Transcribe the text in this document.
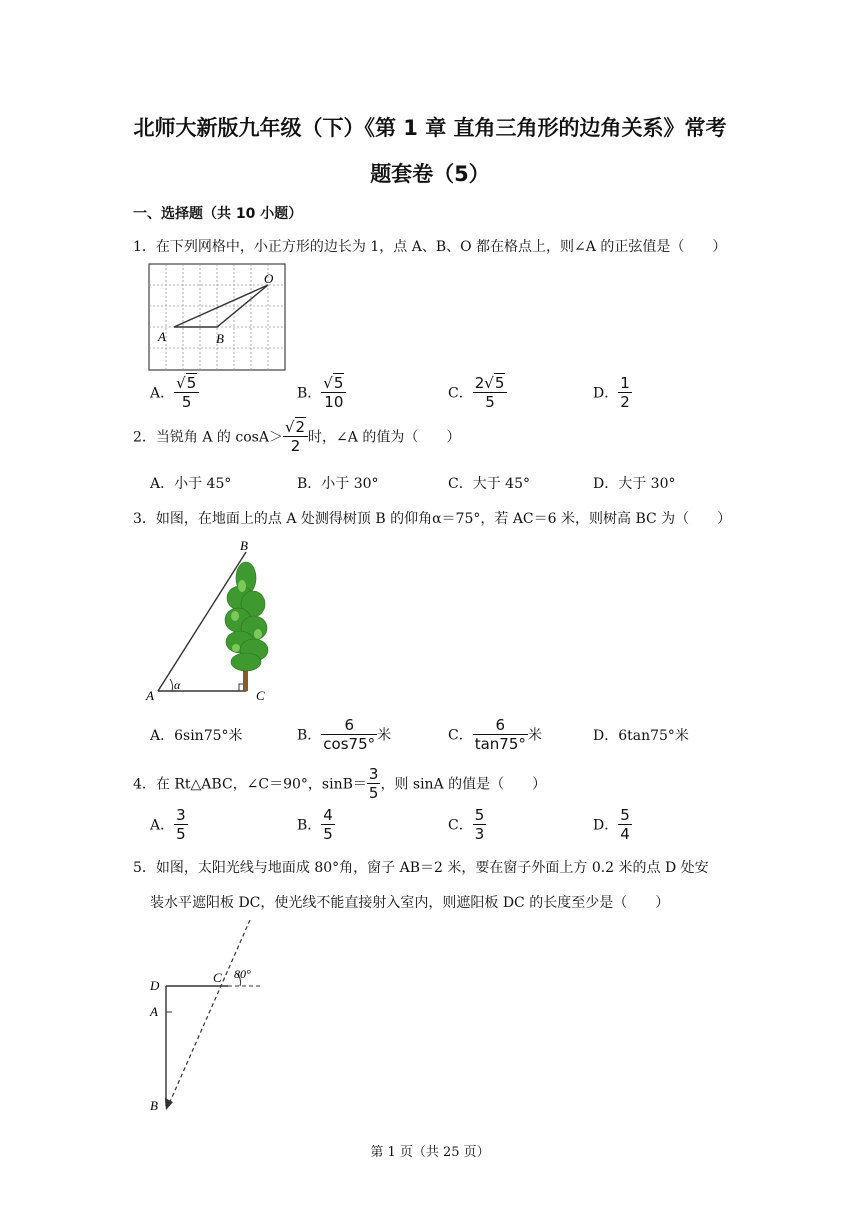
北师大新版九年级（下）《第 1 章 直角三角形的边角关系》常考
题套卷（5）
一、选择题（共 10 小题）
1．在下列网格中，小正方形的边长为 1，点 A、B、O 都在格点上，则∠A 的正弦值是（　　）
O
A	B
A． $\frac{√5}{5}$	B． $\frac{√5}{10}$	C． $\frac{2√5}{5}$	D． $\frac{1}{2}$
2．当锐角 A 的 $\cos A> \frac{√2}{2}$ 时，∠A 的值为（　　）
A．小于 45°	B．小于 30°	C．大于 45°	D．大于 30°
3．如图，在地面上的点 A 处测得树顶 B 的仰角α＝75°，若 AC＝6 米，则树高 BC 为（　　）
B
A	C
α
A．6sin75°米	B． $\frac{6}{\cos 75^\circ}$ 米	C． $\frac{6}{\tan 75^\circ}$ 米	D．6tan75°米
4．在 Rt△ABC，∠C＝90°，$\sin B= \frac{3}{5}$ ，则 sinA 的值是（　　）
A． $\frac{3}{5}$	B． $\frac{4}{5}$	C． $\frac{5}{3}$	D． $\frac{5}{4}$
5．如图，太阳光线与地面成 80°角，窗子 AB＝2 米，要在窗子外面上方 0.2 米的点 D 处安
装水平遮阳板 DC，使光线不能直接射入室内，则遮阳板 DC 的长度至少是（　　）
D
C
A
B
80°
第 1 页（共 25 页）
